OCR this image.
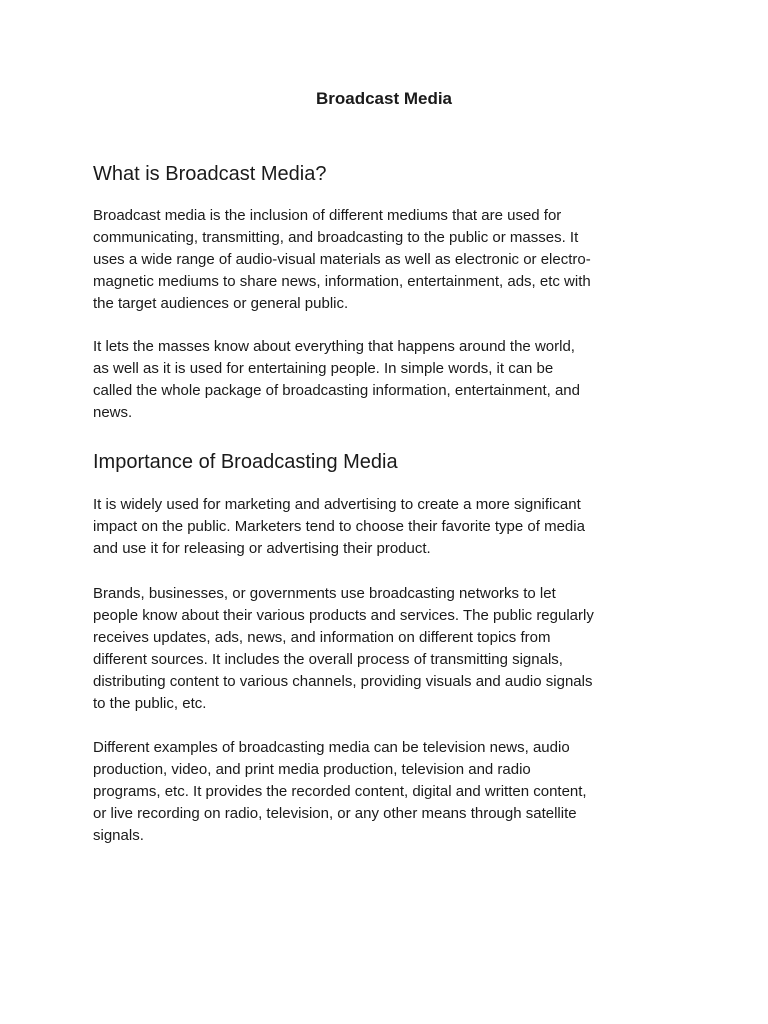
Broadcast Media
What is Broadcast Media?

Broadcast media is the inclusion of different mediums that are used for
communicating, transmitting, and broadcasting to the public or masses. It
uses a wide range of audio-visual materials as well as electronic or electro-
magnetic mediums to share news, information, entertainment, ads, etc with
the target audiences or general public.

It lets the masses know about everything that happens around the world,
as well as it is used for entertaining people. In simple words, it can be
called the whole package of broadcasting information, entertainment, and
news.

Importance of Broadcasting Media

It is widely used for marketing and advertising to create a more significant
impact on the public. Marketers tend to choose their favorite type of media
and use it for releasing or advertising their product.

Brands, businesses, or governments use broadcasting networks to let
people know about their various products and services. The public regularly
receives updates, ads, news, and information on different topics from
different sources. It includes the overall process of transmitting signals,
distributing content to various channels, providing visuals and audio signals
to the public, etc.

Different examples of broadcasting media can be television news, audio
production, video, and print media production, television and radio
programs, etc. It provides the recorded content, digital and written content,
or live recording on radio, television, or any other means through satellite
signals.
